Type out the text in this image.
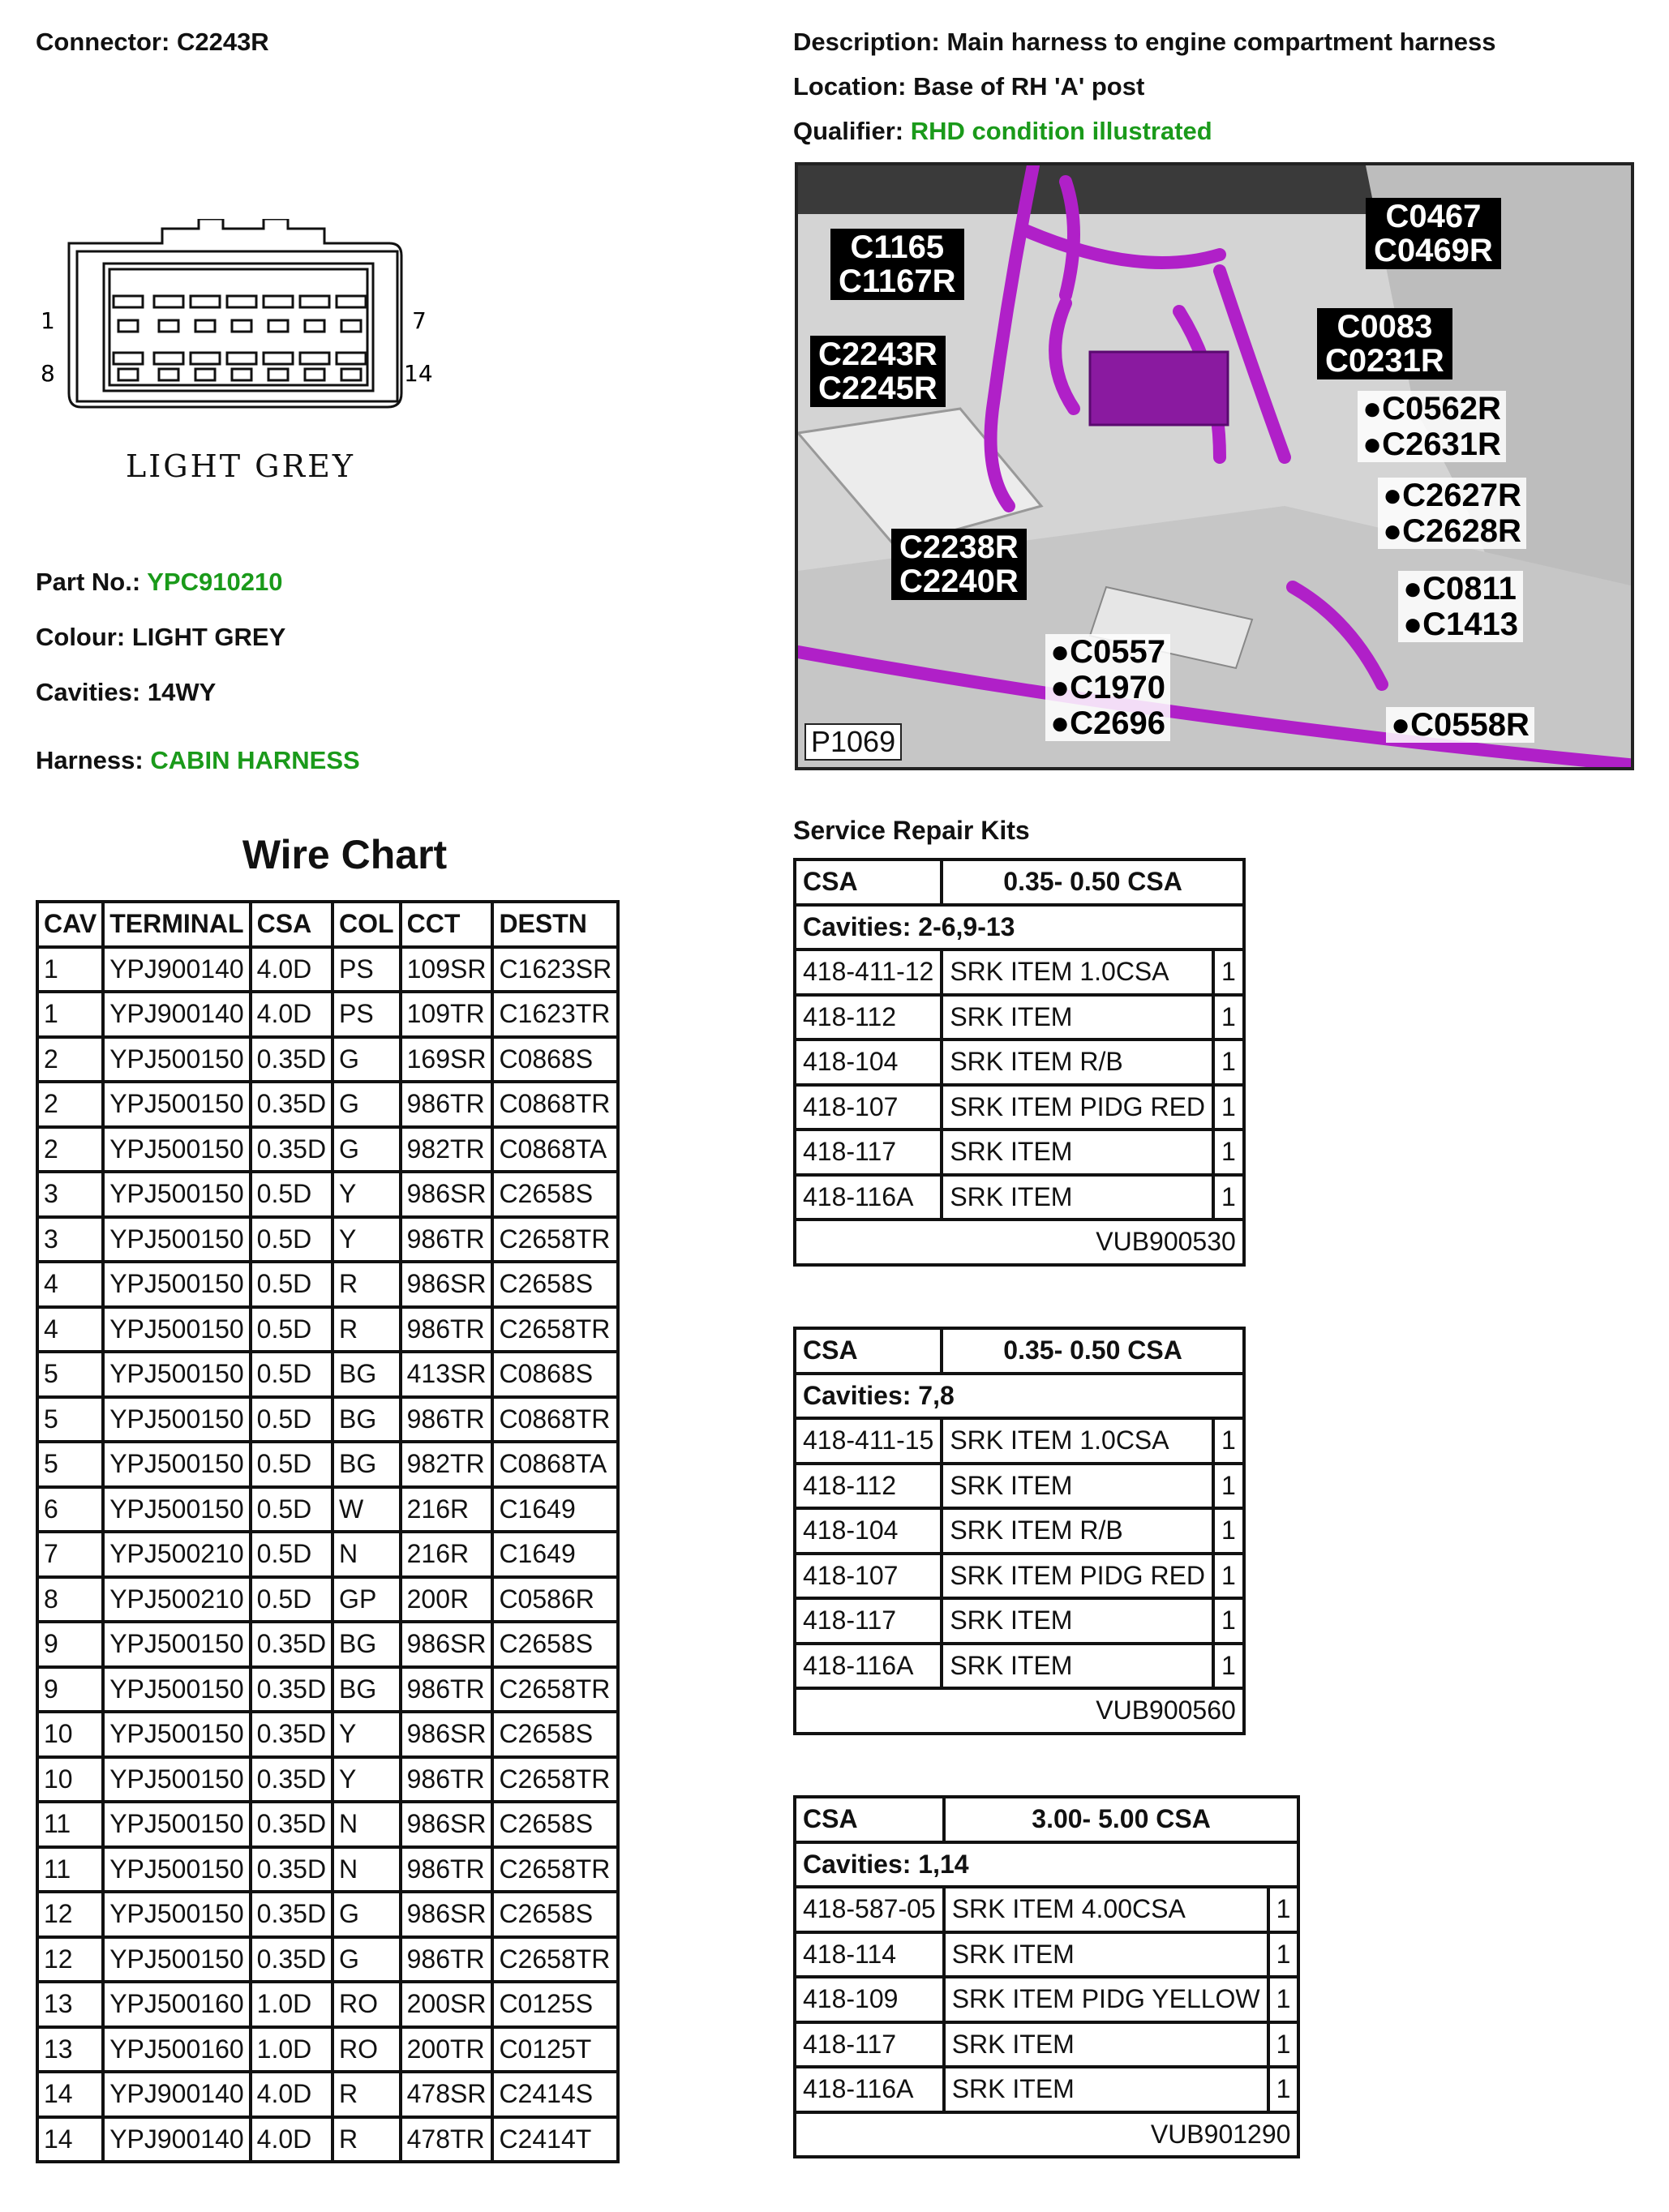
Connector: C2243R	Description: Main harness to engine compartment harness
Location: Base of RH 'A' post
Qualifier: RHD condition illustrated
1	7
8	14
LIGHT GREY
Part No.: YPC910210
Colour: LIGHT GREY
Cavities: 14WY
Harness: CABIN HARNESS
C1165
C1167R
C0467
C0469R
C2243R
C2245R
C0083
C0231R
●C0562R
●C2631R
●C2627R
●C2628R
C2238R
C2240R	●C0811
●C1413
●C0557
●C1970
●C2696	●C0558R
P1069
Wire Chart
CAV	TERMINAL	CSA	COL	CCT	DESTN
1	YPJ900140	4.0D	PS	109SR	C1623SR
1	YPJ900140	4.0D	PS	109TR	C1623TR
2	YPJ500150	0.35D	G	169SR	C0868S
2	YPJ500150	0.35D	G	986TR	C0868TR
2	YPJ500150	0.35D	G	982TR	C0868TA
3	YPJ500150	0.5D	Y	986SR	C2658S
3	YPJ500150	0.5D	Y	986TR	C2658TR
4	YPJ500150	0.5D	R	986SR	C2658S
4	YPJ500150	0.5D	R	986TR	C2658TR
5	YPJ500150	0.5D	BG	413SR	C0868S
5	YPJ500150	0.5D	BG	986TR	C0868TR
5	YPJ500150	0.5D	BG	982TR	C0868TA
6	YPJ500150	0.5D	W	216R	C1649
7	YPJ500210	0.5D	N	216R	C1649
8	YPJ500210	0.5D	GP	200R	C0586R
9	YPJ500150	0.35D	BG	986SR	C2658S
9	YPJ500150	0.35D	BG	986TR	C2658TR
10	YPJ500150	0.35D	Y	986SR	C2658S
10	YPJ500150	0.35D	Y	986TR	C2658TR
11	YPJ500150	0.35D	N	986SR	C2658S
11	YPJ500150	0.35D	N	986TR	C2658TR
12	YPJ500150	0.35D	G	986SR	C2658S
12	YPJ500150	0.35D	G	986TR	C2658TR
13	YPJ500160	1.0D	RO	200SR	C0125S
13	YPJ500160	1.0D	RO	200TR	C0125T
14	YPJ900140	4.0D	R	478SR	C2414S
14	YPJ900140	4.0D	R	478TR	C2414T
Service Repair Kits
CSA	0.35- 0.50 CSA	
Cavities: 2-6,9-13		
418-411-12	SRK ITEM 1.0CSA	1
418-112	SRK ITEM	1
418-104	SRK ITEM R/B	1
418-107	SRK ITEM PIDG RED	1
418-117	SRK ITEM	1
418-116A	SRK ITEM	1
VUB900530		
CSA	0.35- 0.50 CSA	
Cavities: 7,8		
418-411-15	SRK ITEM 1.0CSA	1
418-112	SRK ITEM	1
418-104	SRK ITEM R/B	1
418-107	SRK ITEM PIDG RED	1
418-117	SRK ITEM	1
418-116A	SRK ITEM	1
VUB900560		
CSA	3.00- 5.00 CSA	
Cavities: 1,14		
418-587-05	SRK ITEM 4.00CSA	1
418-114	SRK ITEM	1
418-109	SRK ITEM PIDG YELLOW	1
418-117	SRK ITEM	1
418-116A	SRK ITEM	1
VUB901290		
